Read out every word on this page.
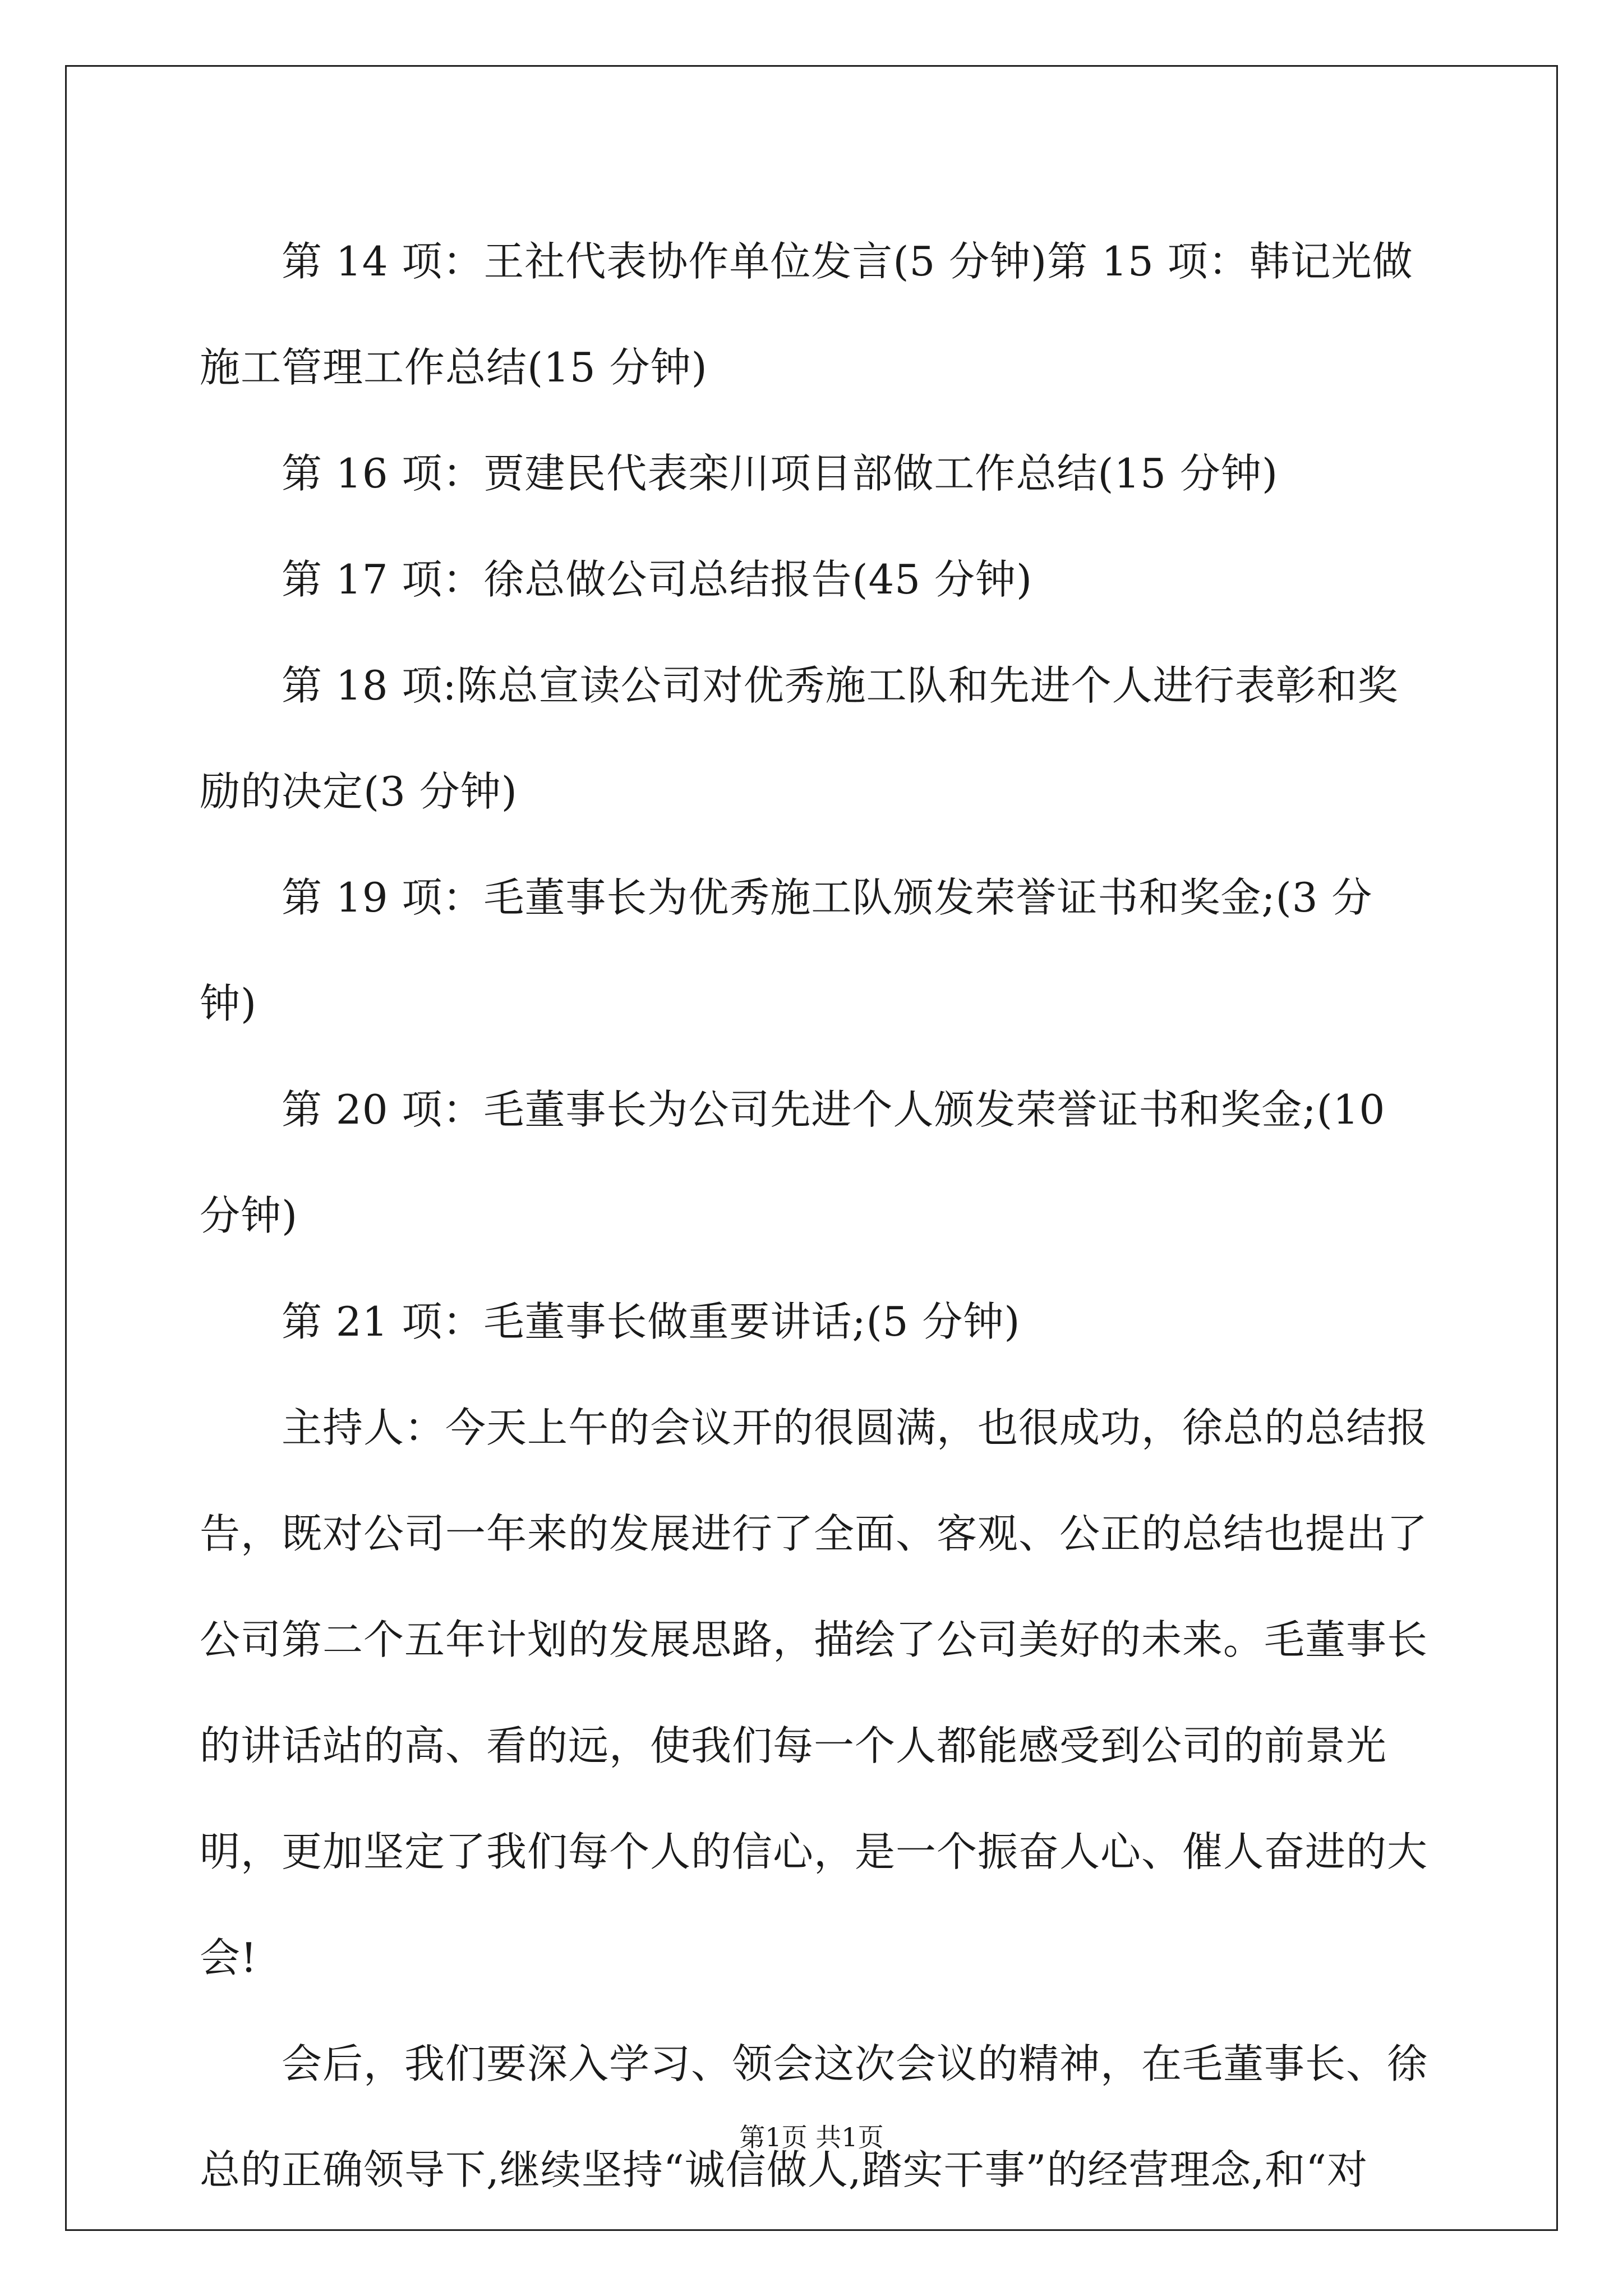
第 14 项：王社代表协作单位发言(5 分钟)第 15 项：韩记光做施工管理工作总结(15 分钟)

第 16 项：贾建民代表栾川项目部做工作总结(15 分钟)

第 17 项：徐总做公司总结报告(45 分钟)

第 18 项:陈总宣读公司对优秀施工队和先进个人进行表彰和奖励的决定(3 分钟)

第 19 项：毛董事长为优秀施工队颁发荣誉证书和奖金;(3 分钟)

第 20 项：毛董事长为公司先进个人颁发荣誉证书和奖金;(10 分钟)

第 21 项：毛董事长做重要讲话;(5 分钟)

主持人：今天上午的会议开的很圆满，也很成功，徐总的总结报告，既对公司一年来的发展进行了全面、客观、公正的总结也提出了公司第二个五年计划的发展思路，描绘了公司美好的未来。毛董事长的讲话站的高、看的远，使我们每一个人都能感受到公司的前景光明，更加坚定了我们每个人的信心，是一个振奋人心、催人奋进的大会!

会后，我们要深入学习、领会这次会议的精神，在毛董事长、徐总的正确领导下,继续坚持“诚信做人,踏实干事”的经营理念,和“对

第1页 共1页
